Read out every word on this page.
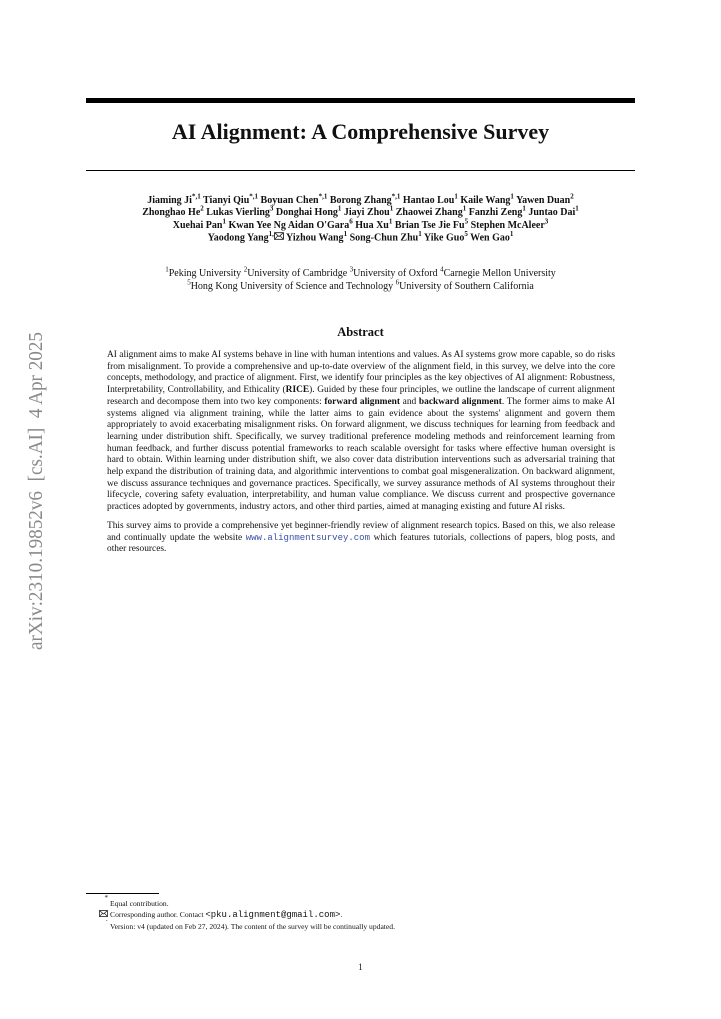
arXiv:2310.19852v6  [cs.AI]  4 Apr 2025
AI Alignment: A Comprehensive Survey
Jiaming $Ji^{*,1}$ Tianyi Qiu$^{*,1}$ Boyuan Chen$^{*,1}$ Borong Zhang$^{*,1}$ Hantao Lou$^1$ Kaile Wang$^1$ Yawen Duan$^2$
Zhonghao He$^2$ Lukas Vierling$^3$ Donghai Hong$^1$ Jiayi Zhou$^1$ Zhaowei Zhang$^1$ Fanzhi Zeng$^1$ Juntao Dai$^1$
Xuehai Pan$^1$ Kwan Yee Ng Aidan O'Gara$^6$ Hua Xu$^1$ Brian Tse Jie Fu$^5$ Stephen McAleer$^3$
Yaodong Yang$^{1,}$ Yizhou Wang$^1$ Song-Chun Zhu$^1$ Yike Guo$^5$ Wen Gao$^1$
$^1$Peking University $^2$University of Cambridge $^3$University of Oxford $^4$Carnegie Mellon University
$^5$Hong Kong University of Science and Technology $^6$University of Southern California
Abstract

AI alignment aims to make AI systems behave in line with human intentions and values. As AI systems grow more capable, so do risks from misalignment. To provide a comprehensive and up-to-date overview of the alignment field, in this survey, we delve into the core concepts, methodology, and practice of alignment. First, we identify four principles as the key objectives of AI alignment: Robustness, Interpretability, Controllability, and Ethicality (RICE). Guided by these four principles, we outline the landscape of current alignment research and decompose them into two key components: forward alignment and backward alignment. The former aims to make AI systems aligned via alignment training, while the latter aims to gain evidence about the systems' alignment and govern them appropriately to avoid exacerbating misalignment risks. On forward alignment, we discuss techniques for learning from feedback and learning under distribution shift. Specifically, we survey traditional preference modeling methods and reinforcement learning from human feedback, and further discuss potential frameworks to reach scalable oversight for tasks where effective human oversight is hard to obtain. Within learning under distribution shift, we also cover data distribution interventions such as adversarial training that help expand the distribution of training data, and algorithmic interventions to combat goal misgeneralization. On backward alignment, we discuss assurance techniques and governance practices. Specifically, we survey assurance methods of AI systems throughout their lifecycle, covering safety evaluation, interpretability, and human value compliance. We discuss current and prospective governance practices adopted by governments, industry actors, and other third parties, aimed at managing existing and future AI risks.

This survey aims to provide a comprehensive yet beginner-friendly review of alignment research topics. Based on this, we also release and continually update the website www.alignmentsurvey.com which features tutorials, collections of papers, blog posts, and other resources.

*
Equal contribution.
Corresponding author. Contact <pku.alignment@gmail.com>.
·
Version: v4 (updated on Feb 27, 2024). The content of the survey will be continually updated.
1
